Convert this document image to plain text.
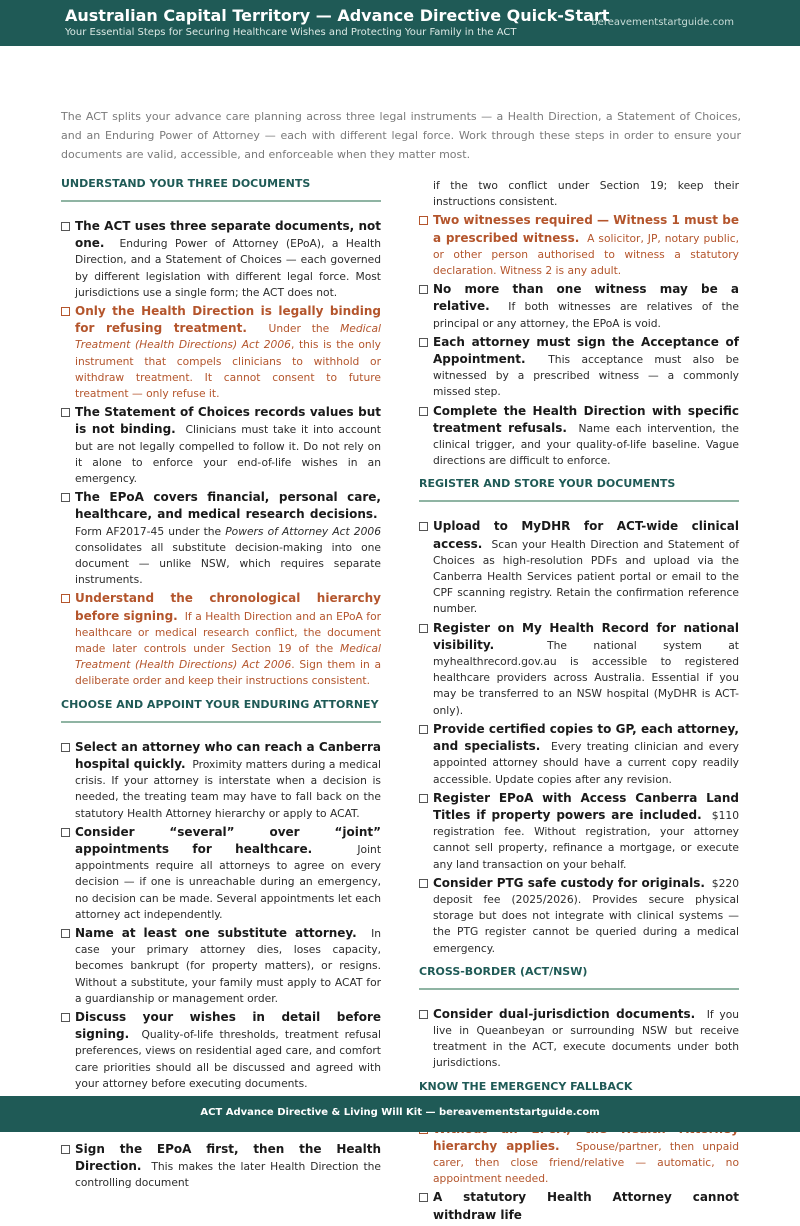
Australian Capital Territory — Advance Directive Quick-Start
Your Essential Steps for Securing Healthcare Wishes and Protecting Your Family in the ACT
bereavementstartguide.com

The ACT splits your advance care planning across three legal instruments — a Health Direction, a Statement of Choices, and an Enduring Power of Attorney — each with different legal force. Work through these steps in order to ensure your documents are valid, accessible, and enforceable when they matter most.

UNDERSTAND YOUR THREE DOCUMENTS
The ACT uses three separate documents, not one. Enduring Power of Attorney (EPoA), a Health Direction, and a Statement of Choices — each governed by different legislation with different legal force. Most jurisdictions use a single form; the ACT does not.
Only the Health Direction is legally binding for refusing treatment. Under the Medical Treatment (Health Directions) Act 2006, this is the only instrument that compels clinicians to withhold or withdraw treatment. It cannot consent to future treatment — only refuse it.
The Statement of Choices records values but is not binding. Clinicians must take it into account but are not legally compelled to follow it. Do not rely on it alone to enforce your end-of-life wishes in an emergency.
The EPoA covers financial, personal care, healthcare, and medical research decisions.  Form AF2017-45 under the Powers of Attorney Act 2006 consolidates all substitute decision-making into one document — unlike NSW, which requires separate instruments.
Understand the chronological hierarchy before signing. If a Health Direction and an EPoA for healthcare or medical research conflict, the document made later controls under Section 19 of the Medical Treatment (Health Directions) Act 2006. Sign them in a deliberate order and keep their instructions consistent.
CHOOSE AND APPOINT YOUR ENDURING ATTORNEY
Select an attorney who can reach a Canberra hospital quickly. Proximity matters during a medical crisis. If your attorney is interstate when a decision is needed, the treating team may have to fall back on the statutory Health Attorney hierarchy or apply to ACAT.
Consider “several” over “joint” appointments for healthcare.	Joint appointments require all attorneys to agree on every decision — if one is unreachable during an emergency, no decision can be made. Several appointments let each attorney act independently.
Name at least one substitute attorney. In case your primary attorney dies, loses capacity, becomes bankrupt (for property matters), or resigns. Without a substitute, your family must apply to ACAT for a guardianship or management order.
Discuss your wishes in detail before signing. Quality-of-life thresholds, treatment refusal preferences, views on residential aged care, and comfort care priorities should all be discussed and agreed with your attorney before executing documents.
Sign the EPoA first, then the Health Direction. This makes the later Health Direction the controlling document
if the two conflict under Section 19; keep their instructions consistent.
Two witnesses required — Witness 1 must be a prescribed witness. A solicitor, JP, notary public, or other person authorised to witness a statutory declaration. Witness 2 is any adult.
No more than one witness may be a relative. If both witnesses are relatives of the principal or any attorney, the EPoA is void.
Each attorney must sign the Acceptance of Appointment. This acceptance must also be witnessed by a prescribed witness — a commonly missed step.
Complete the Health Direction with specific treatment refusals. Name each intervention, the clinical trigger, and your quality-of-life baseline. Vague directions are difficult to enforce.
REGISTER AND STORE YOUR DOCUMENTS
Upload to MyDHR for ACT-wide clinical access. Scan your Health Direction and Statement of Choices as high-resolution PDFs and upload via the Canberra Health Services patient portal or email to the CPF scanning registry. Retain the confirmation reference number.
Register on My Health Record for national visibility.	The national system at myhealthrecord.gov.au is accessible to registered healthcare providers across Australia. Essential if you may be transferred to an NSW hospital (MyDHR is ACT-only).
Provide certified copies to GP, each attorney, and specialists. Every treating clinician and every appointed attorney should have a current copy readily accessible. Update copies after any revision.
Register EPoA with Access Canberra Land Titles if property powers are included. $110 registration fee. Without registration, your attorney cannot sell property, refinance a mortgage, or execute any land transaction on your behalf.
Consider PTG safe custody for originals. $220 deposit fee (2025/2026). Provides secure physical storage but does not integrate with clinical systems — the PTG register cannot be queried during a medical emergency.
CROSS-BORDER (ACT/NSW)
Consider dual-jurisdiction documents. If you live in Queanbeyan or surrounding NSW but receive treatment in the ACT, execute documents under both jurisdictions.
KNOW THE EMERGENCY FALLBACK
hierarchy applies. Spouse/partner, then unpaid carer, then close friend/relative — automatic, no appointment needed.
A statutory Health Attorney cannot withdraw life
ACT Advance Directive & Living Will Kit — bereavementstartguide.com
